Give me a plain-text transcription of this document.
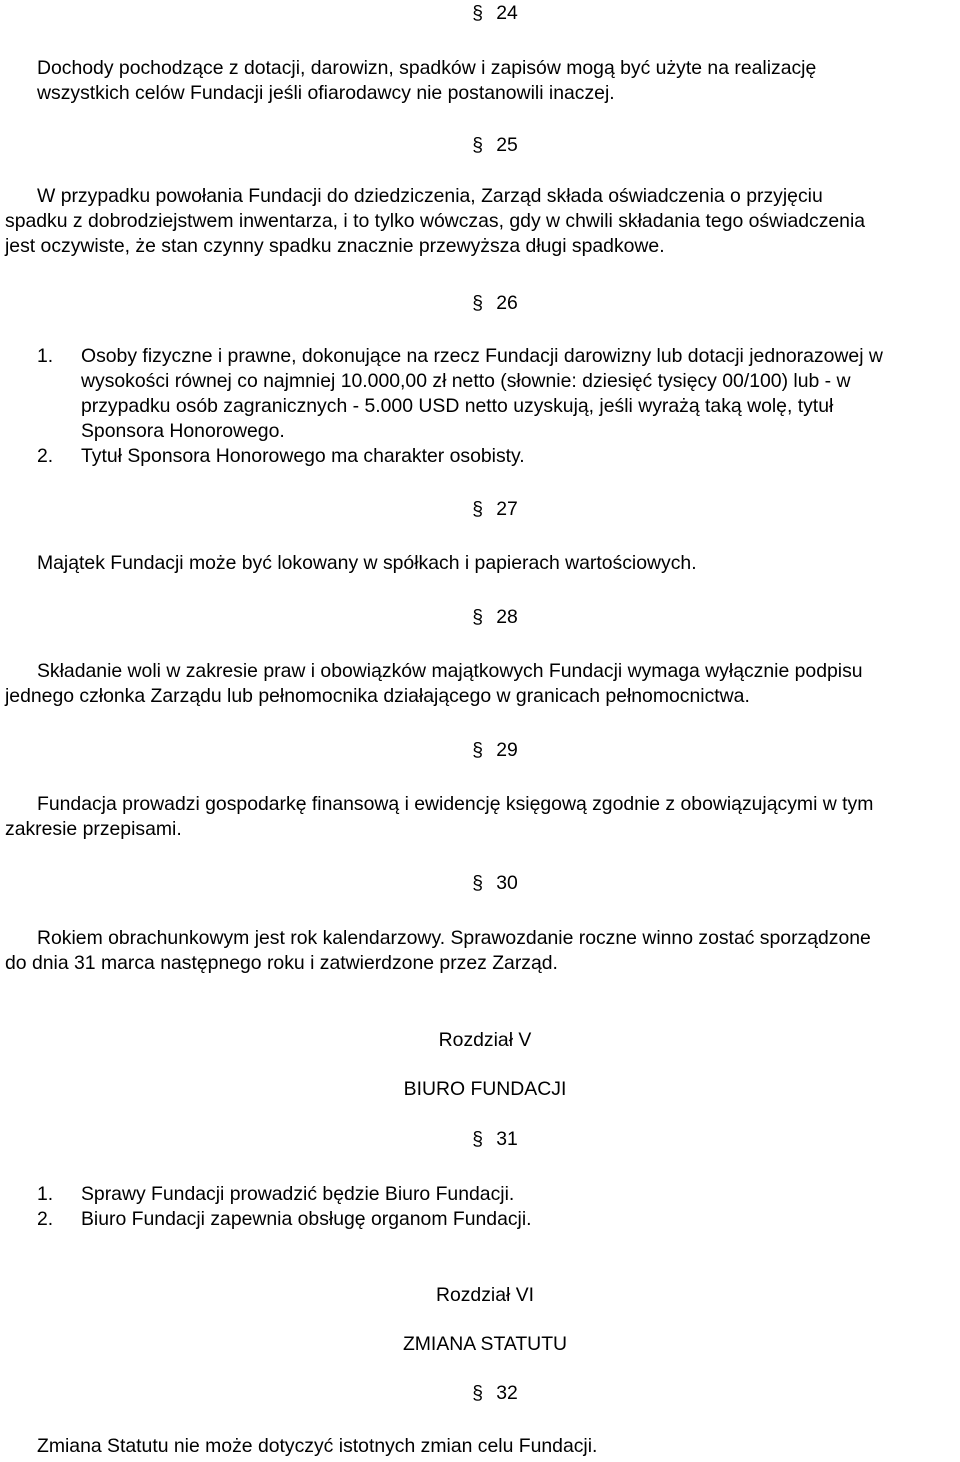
§ 24
Dochody pochodzące z dotacji, darowizn, spadków i zapisów mogą być użyte na realizację
wszystkich celów Fundacji jeśli ofiarodawcy nie postanowili inaczej.
§ 25
W przypadku powołania Fundacji do dziedziczenia, Zarząd składa oświadczenia o przyjęciu
spadku z dobrodziejstwem inwentarza, i to tylko wówczas, gdy w chwili składania tego oświadczenia
jest oczywiste, że stan czynny spadku znacznie przewyższa długi spadkowe.
§ 26
1. Osoby fizyczne i prawne, dokonujące na rzecz Fundacji darowizny lub dotacji jednorazowej w
wysokości równej co najmniej 10.000,00 zł netto (słownie: dziesięć tysięcy 00/100) lub - w
przypadku osób zagranicznych - 5.000 USD netto uzyskują, jeśli wyrażą taką wolę, tytuł
Sponsora Honorowego.
2. Tytuł Sponsora Honorowego ma charakter osobisty.
§ 27
Majątek Fundacji może być lokowany w spółkach i papierach wartościowych.
§ 28
Składanie woli w zakresie praw i obowiązków majątkowych Fundacji wymaga wyłącznie podpisu
jednego członka Zarządu lub pełnomocnika działającego w granicach pełnomocnictwa.
§ 29
Fundacja prowadzi gospodarkę finansową i ewidencję księgową zgodnie z obowiązującymi w tym
zakresie przepisami.
§ 30
Rokiem obrachunkowym jest rok kalendarzowy. Sprawozdanie roczne winno zostać sporządzone
do dnia 31 marca następnego roku i zatwierdzone przez Zarząd.
Rozdział V
BIURO FUNDACJI
§ 31
1. Sprawy Fundacji prowadzić będzie Biuro Fundacji.
2. Biuro Fundacji zapewnia obsługę organom Fundacji.
Rozdział VI
ZMIANA STATUTU
§ 32
Zmiana Statutu nie może dotyczyć istotnych zmian celu Fundacji.
